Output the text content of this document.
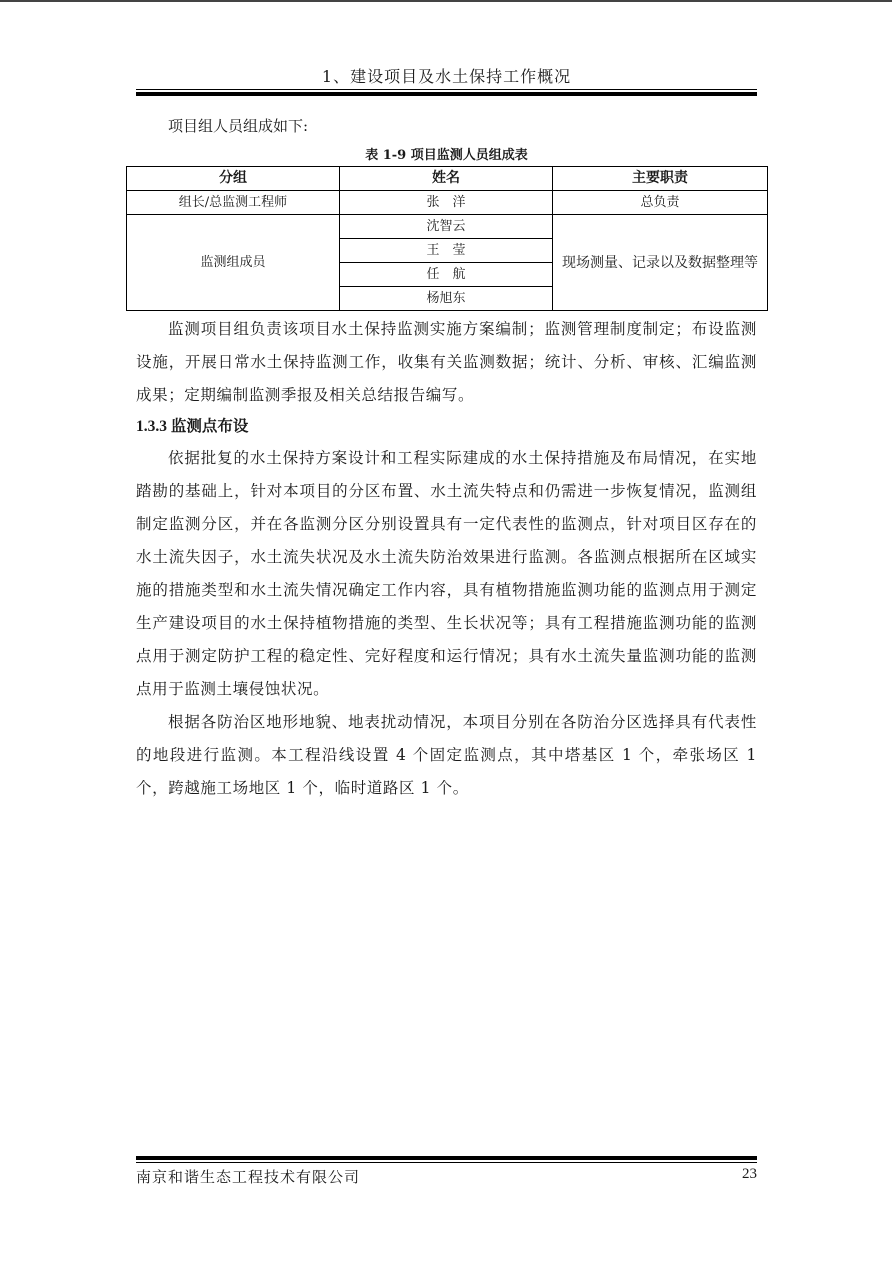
1、建设项目及水土保持工作概况

项目组人员组成如下:

表 1-9 项目监测人员组成表
分组	姓名	主要职责
组长/总监测工程师	张　洋	总负责
监测组成员	沈智云	现场测量、记录以及数据整理等
	王　莹	
	任　航	
	杨旭东	

监测项目组负责该项目水土保持监测实施方案编制；监测管理制度制定；布设监测设施，开展日常水土保持监测工作，收集有关监测数据；统计、分析、审核、汇编监测成果；定期编制监测季报及相关总结报告编写。

1.3.3 监测点布设

依据批复的水土保持方案设计和工程实际建成的水土保持措施及布局情况，在实地踏勘的基础上，针对本项目的分区布置、水土流失特点和仍需进一步恢复情况，监测组制定监测分区，并在各监测分区分别设置具有一定代表性的监测点，针对项目区存在的水土流失因子，水土流失状况及水土流失防治效果进行监测。各监测点根据所在区域实施的措施类型和水土流失情况确定工作内容，具有植物措施监测功能的监测点用于测定生产建设项目的水土保持植物措施的类型、生长状况等；具有工程措施监测功能的监测点用于测定防护工程的稳定性、完好程度和运行情况；具有水土流失量监测功能的监测点用于监测土壤侵蚀状况。

根据各防治区地形地貌、地表扰动情况，本项目分别在各防治分区选择具有代表性的地段进行监测。本工程沿线设置 4 个固定监测点，其中塔基区 1 个，牵张场区 1 个，跨越施工场地区 1 个，临时道路区 1 个。

南京和谐生态工程技术有限公司	23
